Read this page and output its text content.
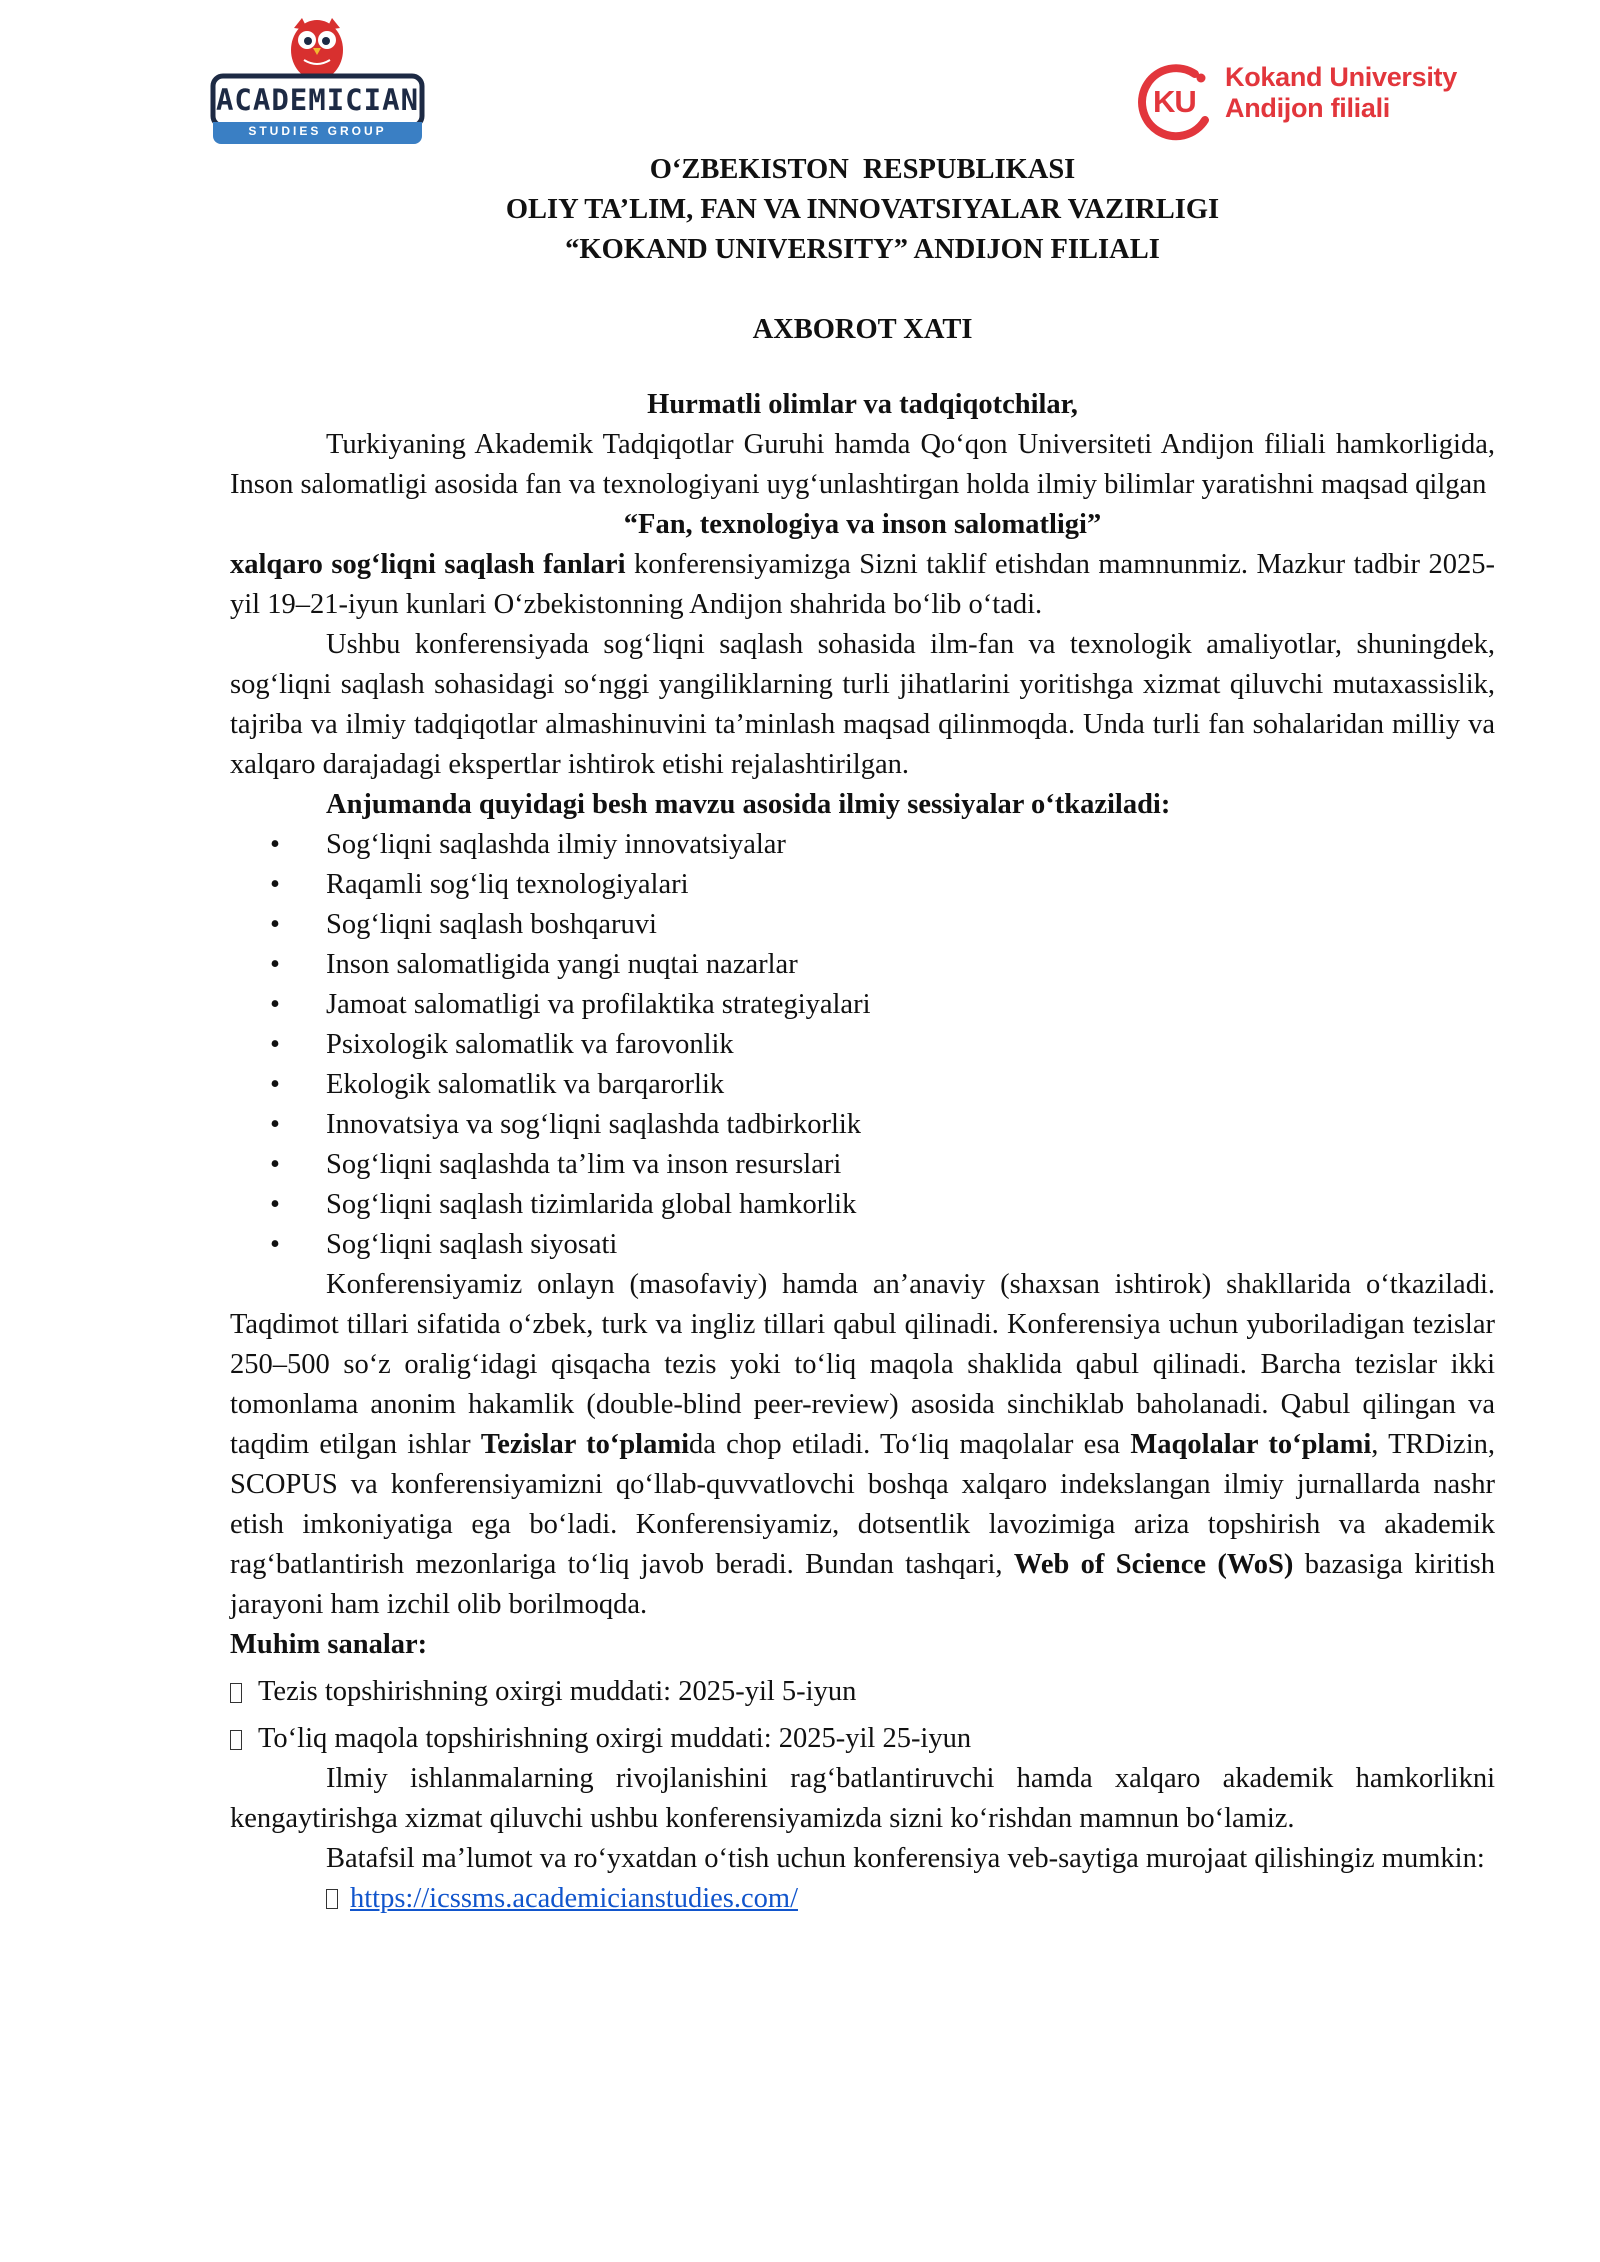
ACADEMICIAN
STUDIES GROUP
KU
Kokand University
Andijon filiali

O‘ZBEKISTON  RESPUBLIKASI

OLIY TA’LIM, FAN VA INNOVATSIYALAR VAZIRLIGI

“KOKAND UNIVERSITY” ANDIJON FILIALI

AXBOROT XATI

Hurmatli olimlar va tadqiqotchilar,

Turkiyaning Akademik Tadqiqotlar Guruhi hamda Qo‘qon Universiteti Andijon filiali hamkorligida, Inson salomatligi asosida fan va texnologiyani uyg‘unlashtirgan holda ilmiy bilimlar yaratishni maqsad qilgan

“Fan, texnologiya va inson salomatligi”

xalqaro sog‘liqni saqlash fanlari konferensiyamizga Sizni taklif etishdan mamnunmiz. Mazkur tadbir 2025-yil 19–21-iyun kunlari O‘zbekistonning Andijon shahrida bo‘lib o‘tadi.

Ushbu konferensiyada sog‘liqni saqlash sohasida ilm-fan va texnologik amaliyotlar, shuningdek, sog‘liqni saqlash sohasidagi so‘nggi yangiliklarning turli jihatlarini yoritishga xizmat qiluvchi mutaxassislik, tajriba va ilmiy tadqiqotlar almashinuvini ta’minlash maqsad qilinmoqda. Unda turli fan sohalaridan milliy va xalqaro darajadagi ekspertlar ishtirok etishi rejalashtirilgan.

Anjumanda quyidagi besh mavzu asosida ilmiy sessiyalar o‘tkaziladi:

• Sog‘liqni saqlashda ilmiy innovatsiyalar
• Raqamli sog‘liq texnologiyalari
• Sog‘liqni saqlash boshqaruvi
• Inson salomatligida yangi nuqtai nazarlar
• Jamoat salomatligi va profilaktika strategiyalari
• Psixologik salomatlik va farovonlik
• Ekologik salomatlik va barqarorlik
• Innovatsiya va sog‘liqni saqlashda tadbirkorlik
• Sog‘liqni saqlashda ta’lim va inson resurslari
• Sog‘liqni saqlash tizimlarida global hamkorlik
• Sog‘liqni saqlash siyosati

Konferensiyamiz onlayn (masofaviy) hamda an’anaviy (shaxsan ishtirok) shakllarida o‘tkaziladi. Taqdimot tillari sifatida o‘zbek, turk va ingliz tillari qabul qilinadi. Konferensiya uchun yuboriladigan tezislar 250–500 so‘z oralig‘idagi qisqacha tezis yoki to‘liq maqola shaklida qabul qilinadi. Barcha tezislar ikki tomonlama anonim hakamlik (double-blind peer-review) asosida sinchiklab baholanadi. Qabul qilingan va taqdim etilgan ishlar Tezislar to‘plamida chop etiladi. To‘liq maqolalar esa Maqolalar to‘plami, TRDizin, SCOPUS va konferensiyamizni qo‘llab-quvvatlovchi boshqa xalqaro indekslangan ilmiy jurnallarda nashr etish imkoniyatiga ega bo‘ladi. Konferensiyamiz, dotsentlik lavozimiga ariza topshirish va akademik rag‘batlantirish mezonlariga to‘liq javob beradi. Bundan tashqari, Web of Science (WoS) bazasiga kiritish jarayoni ham izchil olib borilmoqda.

Muhim sanalar:

Tezis topshirishning oxirgi muddati: 2025-yil 5-iyun

To‘liq maqola topshirishning oxirgi muddati: 2025-yil 25-iyun

Ilmiy ishlanmalarning rivojlanishini rag‘batlantiruvchi hamda xalqaro akademik hamkorlikni kengaytirishga xizmat qiluvchi ushbu konferensiyamizda sizni ko‘rishdan mamnun bo‘lamiz.

Batafsil ma’lumot va ro‘yxatdan o‘tish uchun konferensiya veb-saytiga murojaat qilishingiz mumkin:

https://icssms.academicianstudies.com/
